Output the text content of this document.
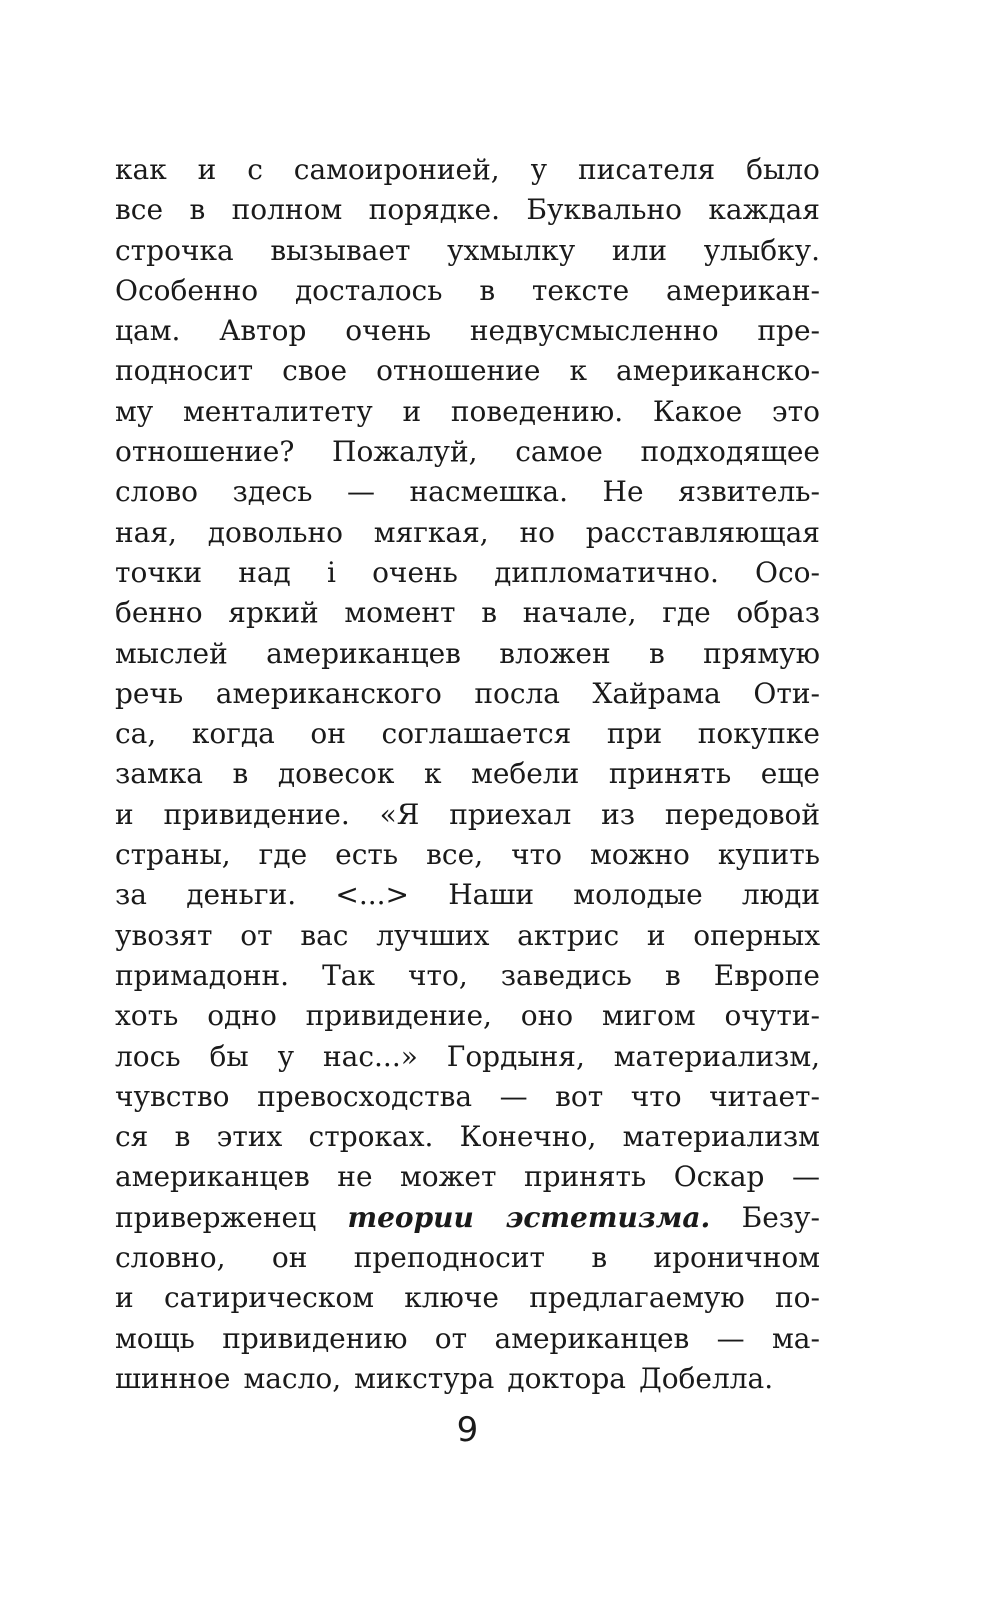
как и с самоиронией, у писателя было
все в полном порядке. Буквально каждая
строчка вызывает ухмылку или улыбку.
Особенно досталось в тексте американ-
цам. Автор очень недвусмысленно пре-
подносит свое отношение к американско-
му менталитету и поведению. Какое это
отношение? Пожалуй, самое подходящее
слово здесь — насмешка. Не язвитель-
ная, довольно мягкая, но расставляющая
точки над і очень дипломатично. Осо-
бенно яркий момент в начале, где образ
мыслей американцев вложен в прямую
речь американского посла Хайрама Оти-
са, когда он соглашается при покупке
замка в довесок к мебели принять еще
и привидение. «Я приехал из передовой
страны, где есть все, что можно купить
за деньги. <...> Наши молодые люди
увозят от вас лучших актрис и оперных
примадонн. Так что, заведись в Европе
хоть одно привидение, оно мигом очути-
лось бы у нас...» Гордыня, материализм,
чувство превосходства — вот что читает-
ся в этих строках. Конечно, материализм
американцев не может принять Оскар —
приверженец теории эстетизма. Безу-
словно, он преподносит в ироничном
и сатирическом ключе предлагаемую по-
мощь привидению от американцев — ма-
шинное масло, микстура доктора Добелла.
9
